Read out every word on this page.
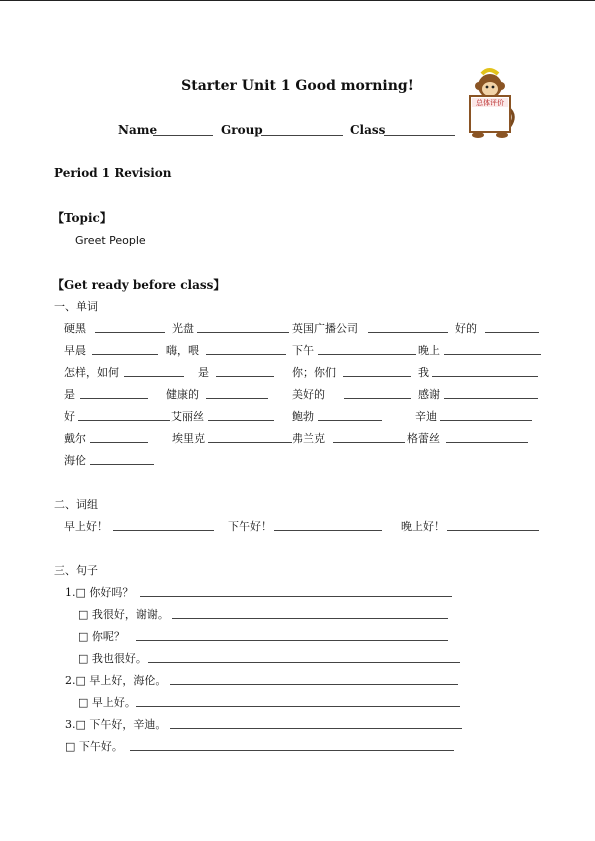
Starter Unit 1 Good morning!
Name	Group	Class
总体评价
Period 1 Revision
【Topic】
Greet People
【Get ready before class】
一、单词
硬黑	光盘	英国广播公司	好的
早晨	嗨，喂	下午	晚上
怎样，如何	是	你；你们	我
是	健康的	美好的	感谢
好	艾丽丝	鲍勃	辛迪
戴尔	埃里克	弗兰克	格蕾丝
海伦
二、词组
早上好！	下午好！	晚上好！
三、句子
1.□ 你好吗？
□ 我很好，谢谢。
□ 你呢？
□ 我也很好。
2.□ 早上好，海伦。
□ 早上好。
3.□ 下午好，辛迪。
□ 下午好。
